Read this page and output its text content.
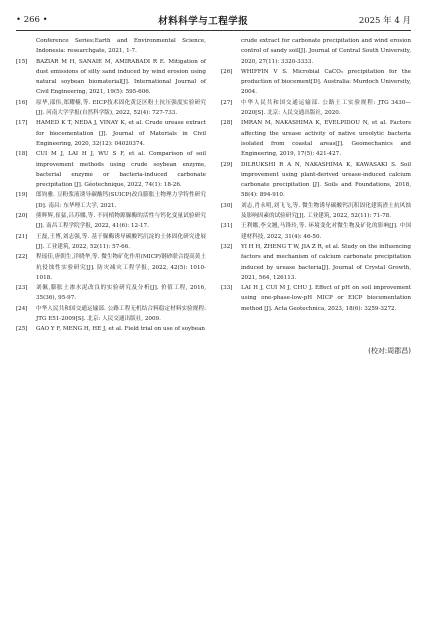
• 266 •	材料科学与工程学报	2025 年 4 月
Conference Series:Earth and Environmental Science, Indonesia: researchgate, 2021, 1-7.
[15]	BAZIAR M H, SANAIE M, AMIRABADI R E. Mitigation of dust emissions of silty sand induced by wind erosion using natural soybean biomaterial[J]. International Journal of Civil Engineering, 2021, 19(5): 595-606.
[16]	原华,邵伟,郑耀楠,等. EICP技术固化黄泛区粉土抗压强度实验研究[J]. 河南大学学报(自然科学版), 2022, 52(4): 727-733.
[17]	HAMED K T, NEDA J, VINAY K, et al. Crude urease extract for biocementation [J]. Journal of Materials in Civil Engineering, 2020, 32(12): 04020374.
[18]	CUI M J, LAI H J, WU S F, et al. Comparison of soil improvement methods using crude soybean enzyme, bacterial enzyme or bacteria-induced carbonate precipitation [J]. Géotechnique, 2022, 74(1): 18-26.
[19]	郎钧雅. 豆粉浆液诱导碳酸钙(SUICP)改良膨胀土物理力学特性研究[D]. 南昌: 东华理工大学, 2021.
[20]	熊辉辉,崔猛,吕苏娜,等. 不同植物源脲酶的活性与钙化变量试验研究[J]. 南昌工程学院学报, 2022, 41(6): 12-17.
[21]	王磊,王博,刘志强,等. 基于脲酶诱导碳酸钙沉淀的土体固化研究进展[J]. 工业建筑, 2022, 52(11): 57-66.
[22]	程瑶佳,唐朝生,洋晓华,等. 微生物矿化作用(MICP)钢砂联合提高黄土抗侵蚀性实验研究[J]. 防灾减灾工程学报, 2022, 42(5): 1010-1018.
[23]	刘佩,膨胀土渗水泥改良的实验研究及分析[J]. 价值工程, 2016, 35(36), 95-97.
[24]	中华人民共和国交通运输部. 公路工程无机结合料稳定材料实验规程: JTG E51-2009[S]. 北京: 人民交通出版社, 2009.
[25]	GAO Y F, MENG H, HE J, et al. Field trial on use of soybean
crude extract for carbonate precipitation and wind erosion control of sandy soil[J]. Journal of Central South University, 2020, 27(11): 3320-3333.
[26]	WHIFFIN V S. Microbial CaCO₃ precipitation for the production of biocement[D]. Australia: Murdoch University, 2004.
[27]	中华人民共和国交通运输部. 公路土工实验规程: JTG 3430—2020[S]. 北京: 人民交通出版社, 2020.
[28]	IMRAN M, NAKASHIMA K, EVELPIDOU N, et al. Factors affecting the urease activity of native ureolytic bacteria isolated from coastal areas[J]. Geomechanics and Engineering, 2019, 17(5): 421-427.
[29]	DILRUKSHI R A N, NAKASHIMA K, KAWASAKI S. Soil improvement using plant-derived urease-induced calcium carbonate precipitation [J]. Soils and Foundations, 2018, 58(4): 894-910.
[30]	刘志,肖永明,刘飞飞,等. 微生物诱导碳酸钙沉积固化建筑渣土抗风蚀及影响因素的试验研究[J]. 工业建筑, 2022, 52(11): 71-78.
[31]	王利娜,李文翘,马锋玲,等. 环境变化对微生物及矿化的影响[J]. 中国建材科技, 2022, 31(4): 46-50.
[32]	YI H H, ZHENG T W, JIA Z R, et al. Study on the influencing factors and mechanism of calcium carbonate precipitation induced by urease bacteria[J]. Journal of Crystal Growth, 2021, 564, 126113.
[33]	LAI H J, CUI M J, CHU J. Effect of pH on soil improvement using one-phase-low-pH MICP or EICP biocementation method [J]. Acta Geotechnica, 2023, 18(6): 3259-3272.
(校对:周郡昌)
